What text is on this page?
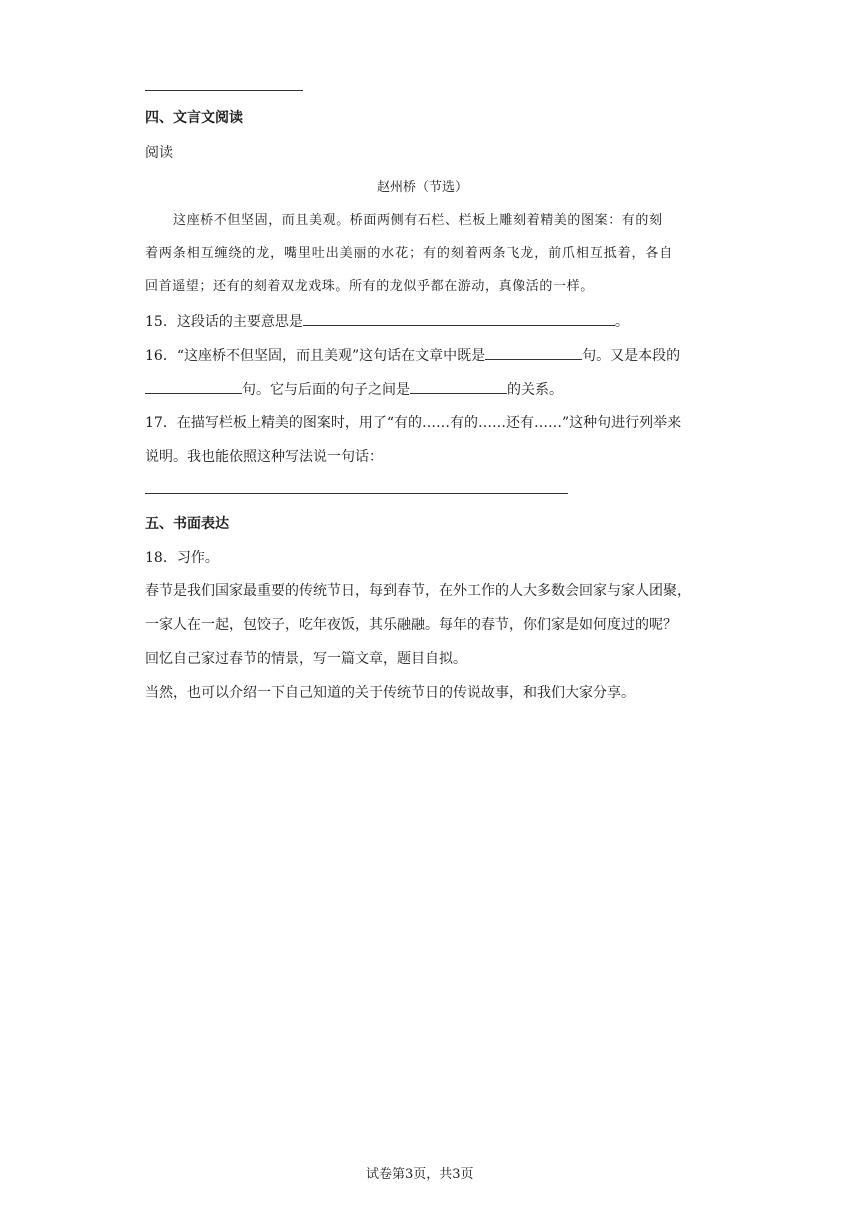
四、文言文阅读
阅读
赵州桥（节选）
这座桥不但坚固，而且美观。桥面两侧有石栏、栏板上雕刻着精美的图案：有的刻
着两条相互缠绕的龙，嘴里吐出美丽的水花；有的刻着两条飞龙，前爪相互抵着，各自
回首遥望；还有的刻着双龙戏珠。所有的龙似乎都在游动，真像活的一样。
15．这段话的主要意思是	。
16．“这座桥不但坚固，而且美观”这句话在文章中既是	句。又是本段的
句。它与后面的句子之间是	的关系。
17．在描写栏板上精美的图案时，用了“有的……有的……还有……”这种句进行列举来
说明。我也能依照这种写法说一句话：
五、书面表达
18．习作。
春节是我们国家最重要的传统节日，每到春节，在外工作的人大多数会回家与家人团聚，
一家人在一起，包饺子，吃年夜饭，其乐融融。每年的春节，你们家是如何度过的呢？
回忆自己家过春节的情景，写一篇文章，题目自拟。
当然，也可以介绍一下自己知道的关于传统节日的传说故事，和我们大家分享。
试卷第3页，共3页
